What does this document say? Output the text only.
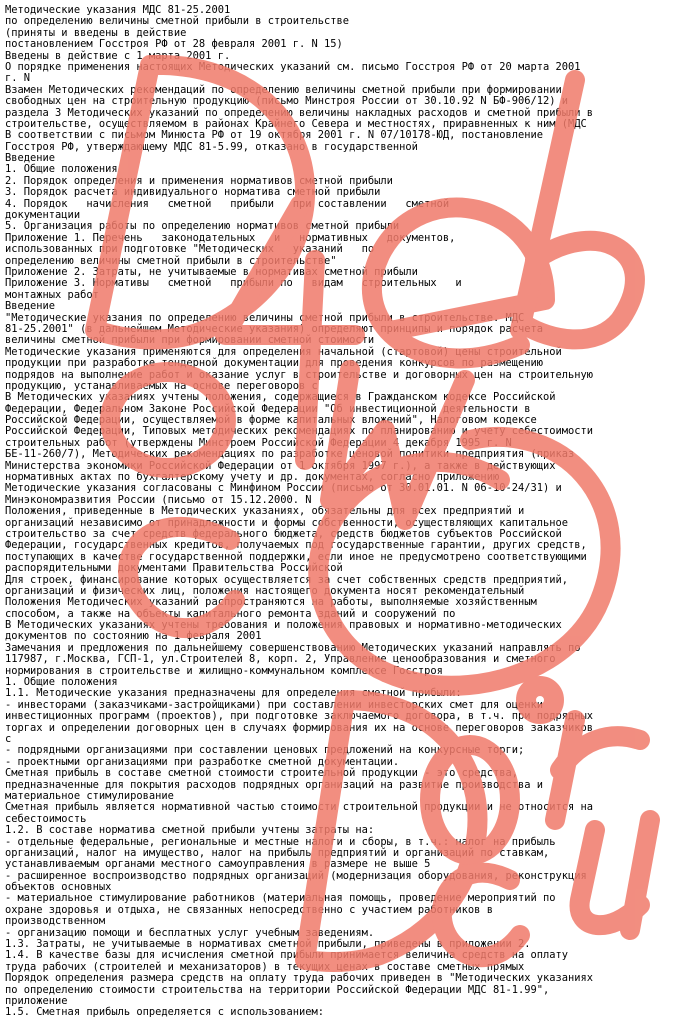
Методические указания МДС 81-25.2001
по определению величины сметной прибыли в строительстве
(приняты и введены в действие
постановлением Госстроя РФ от 28 февраля 2001 г. N 15)
Введены в действие с 1 марта 2001 г.
О порядке применения настоящих Методических указаний см. письмо Госстроя РФ от 20 марта 2001
г. N
Взамен Методических рекомендаций по определению величины сметной прибыли при формировании
свободных цен на строительную продукцию (письмо Минстроя России от 30.10.92 N БФ-906/12) и
раздела 3 Методических указаний по определению величины накладных расходов и сметной прибыли в
строительстве, осуществляемом в районах Крайнего Севера и местностях, приравненных к ним (МДС
В соответствии с письмом Минюста РФ от 19 октября 2001 г. N 07/10178-ЮД, постановление
Госстроя РФ, утверждающему МДС 81-5.99, отказано в государственной
Введение
1. Общие положения
2. Порядок определения и применения нормативов сметной прибыли
3. Порядок расчета индивидуального норматива сметной прибыли
4. Порядок   начисления   сметной   прибыли   при составлении   сметной
документации
5. Организация работы по определению нормативов сметной прибыли
Приложение 1. Перечень   законодательных   и   нормативных   документов,
использованных при подготовке "Методических   указаний   по
определению величины сметной прибыли в строительстве"
Приложение 2. Затраты, не учитываемые в нормативах сметной прибыли
Приложение 3. Нормативы   сметной   прибыли по   видам   строительных   и
монтажных работ
Введение
"Методические указания по определению величины сметной прибыли в строительстве. МДС
81-25.2001" (в дальнейшем Методические указания) определяют принципы и порядок расчета
величины сметной прибыли при формировании сметной стоимости
Методические указания применяются для определения начальной (стартовой) цены строительной
продукции при разработке тендерной документации для проведения конкурсов по размещению
подрядов на выполнение работ и оказание услуг в строительстве и договорных цен на строительную
продукцию, устанавливаемых на основе переговоров с
В Методических указаниях учтены положения, содержащиеся в Гражданском кодексе Российской
Федерации, Федеральном Законе Российской Федерации "Об инвестиционной деятельности в
Российской Федерации, осуществляемой в форме капитальных вложений", Налоговом кодексе
Российской Федерации, Типовых методических рекомендациях по планированию и учету себестоимости
строительных работ (утверждены Минстроем Российской Федерации 4 декабря 1995 г. N
БЕ-11-260/7), Методических рекомендациях по разработке ценовой политики предприятия (приказ
Министерства экономики Российской Федерации от 1 октября 1997 г.), а также в действующих
нормативных актах по бухгалтерскому учету и др. документах, согласно приложению
Методические указания согласованы с Минфином России (письмо от 30.01.01. N 06-10-24/31) и
Минэкономразвития России (письмо от 15.12.2000. N
Положения, приведенные в Методических указаниях, обязательны для всех предприятий и
организаций независимо от принадлежности и формы собственности, осуществляющих капитальное
строительство за счет средств федерального бюджета, средств бюджетов субъектов Российской
Федерации, государственных кредитов, получаемых под государственные гарантии, других средств,
поступающих в качестве государственной поддержки, если иное не предусмотрено соответствующими
распорядительными документами Правительства Российской
Для строек, финансирование которых осуществляется за счет собственных средств предприятий,
организаций и физических лиц, положения настоящего документа носят рекомендательный
Положения Методических указаний распространяются на работы, выполняемые хозяйственным
способом, а также на объекты капитального ремонта зданий и сооружений по
В Методических указаниях учтены требования и положения правовых и нормативно-методических
документов по состоянию на 1 февраля 2001
Замечания и предложения по дальнейшему совершенствованию Методических указаний направлять по
117987, г.Москва, ГСП-1, ул.Строителей 8, корп. 2, Управление ценообразования и сметного
нормирования в строительстве и жилищно-коммунальном комплексе Госстроя
1. Общие положения
1.1. Методические указания предназначены для определения сметной прибыли:
- инвесторами (заказчиками-застройщиками) при составлении инвесторских смет для оценки
инвестиционных программ (проектов), при подготовке заключаемого договора, в т.ч. при подрядных
торгах и определении договорных цен в случаях формирования их на основе переговоров заказчиков
с
- подрядными организациями при составлении ценовых предложений на конкурсные торги;
- проектными организациями при разработке сметной документации.
Сметная прибыль в составе сметной стоимости строительной продукции - это средства,
предназначенные для покрытия расходов подрядных организаций на развитие производства и
материальное стимулирование
Сметная прибыль является нормативной частью стоимости строительной продукции и не относится на
себестоимость
1.2. В составе норматива сметной прибыли учтены затраты на:
- отдельные федеральные, региональные и местные налоги и сборы, в т.ч.: налог на прибыль
организаций, налог на имущество, налог на прибыль предприятий и организаций по ставкам,
устанавливаемым органами местного самоуправления в размере не выше 5
- расширенное воспроизводство подрядных организаций (модернизация оборудования, реконструкция
объектов основных
- материальное стимулирование работников (материальная помощь, проведение мероприятий по
охране здоровья и отдыха, не связанных непосредственно с участием работников в
производственном
- организацию помощи и бесплатных услуг учебным заведениям.
1.3. Затраты, не учитываемые в нормативах сметной прибыли, приведены в приложении 2.
1.4. В качестве базы для исчисления сметной прибыли принимается величина средств на оплату
труда рабочих (строителей и механизаторов) в текущих ценах в составе сметных прямых
Порядок определения размера средств на оплату труда рабочих приведен в "Методических указаниях
по определению стоимости строительства на территории Российской Федерации МДС 81-1.99",
приложение
1.5. Сметная прибыль определяется с использованием:
